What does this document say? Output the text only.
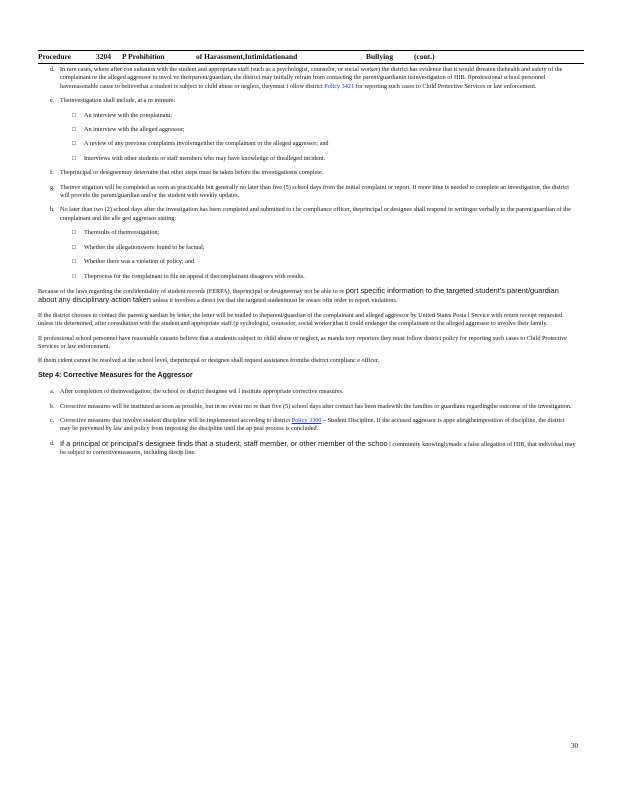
Procedure	3204	P Prohibition	of Harassment,Intimidationand	Bullying	(cont.)
d. In rare cases, where after con sultation with the student and appropriate staff (such as a psychologist, counselor, or social worker) the district has evidence that it would threaten thehealth and safety of the complainant or the alleged aggressor to invol ve theirparent/guardian, the district may initially refrain from contacting the parent/guardianin itsinvestigation of HIB. Ifprofessional school personnel havereasonable cause to believethat a student is subject to child abuse or neglect, theymust f ollow district Policy 3421 for reporting such cases to Child Protective Services or law enforcement.
e. Theinvestigation shall include, at a m inimum:
□ An interview with the complainant;
□ An interview with the alleged aggressor;
□ A review of any previous complaints involvingeither the complainant or the alleged aggressor; and
□ Interviews with other students or staff members who may have knowledge of thealleged incident.
f. Theprincipal or designeemay determine that other steps must be taken before the investigationis complete.
g. Theinve stigation will be completed as soon as practicable but generally no later than five (5) school days from the initial complaint or report. If more time is needed to complete an investigation, the district will provide the parent/guardian and/or the student with weekly updates.
h. No later than two (2) school days after the investigation has been completed and submitted to t he compliance officer, theprincipal or designee shall respond in writingor verbally to the parent/guardian of the complainant and the alle ged aggressor stating:
□ Theresults of theinvestigation;
□ Whether the allegationswere found to be factual;
□ Whether there was a violation of policy; and
□ Theprocess for the complainant to file an appeal if thecomplainant disagrees with results.
Because of the laws regarding the confidentiality of student records (FERPA), theprincipal or designeemay not be able to re port specific information to the targeted student’s parent/guardian about any disciplinary action taken unless it involves a direct ive that the targeted studentmust be aware ofin order to report violations.
If the district chooses to contact the parent/g uardian by letter, the letter will be mailed to theparent/guardian of the complainant and alleged aggressor by United States Posta l Service with return receipt requested unless itis determined, after consultation with the student and appropriate staff (p sychologist, counselor, social worker)that it could endanger the complainant or the alleged aggressor to involve their family.
If professional school personnel have reasonable causeto believe that a studentis subject to child abuse or neglect, as manda tory reporters they must follow district policy for reporting such cases to Child Protective Services or law enforcement.
If thein cident cannot be resolved at the school level, theprincipal or designee shall request assistance fromthe district complianc e officer.
Step 4: Corrective Measures for the Aggressor
a. After completion of theinvestigation, the school or district designee wil l institute appropriate corrective measures.
b. Corrective measures will be instituted as soon as possible, but in no event mo re than five (5) school days after contact has been madewith the families or guardians regardingthe outcome of the investigation.
c. Corrective measures that involve student discipline will be implemented according to district Policy 3300 – Student Discipline. If the accused aggressor is appe alingtheimposition of discipline, the district may be prevented by law and policy from imposing the discipline until the ap peal process is concluded.
d. If a principal or principal’s designee finds that a student, staff member, or other member of the schoo l community knowinglymade a false allegation of HIB, that individual may be subject to correctivemeasures, including discip line.
30
